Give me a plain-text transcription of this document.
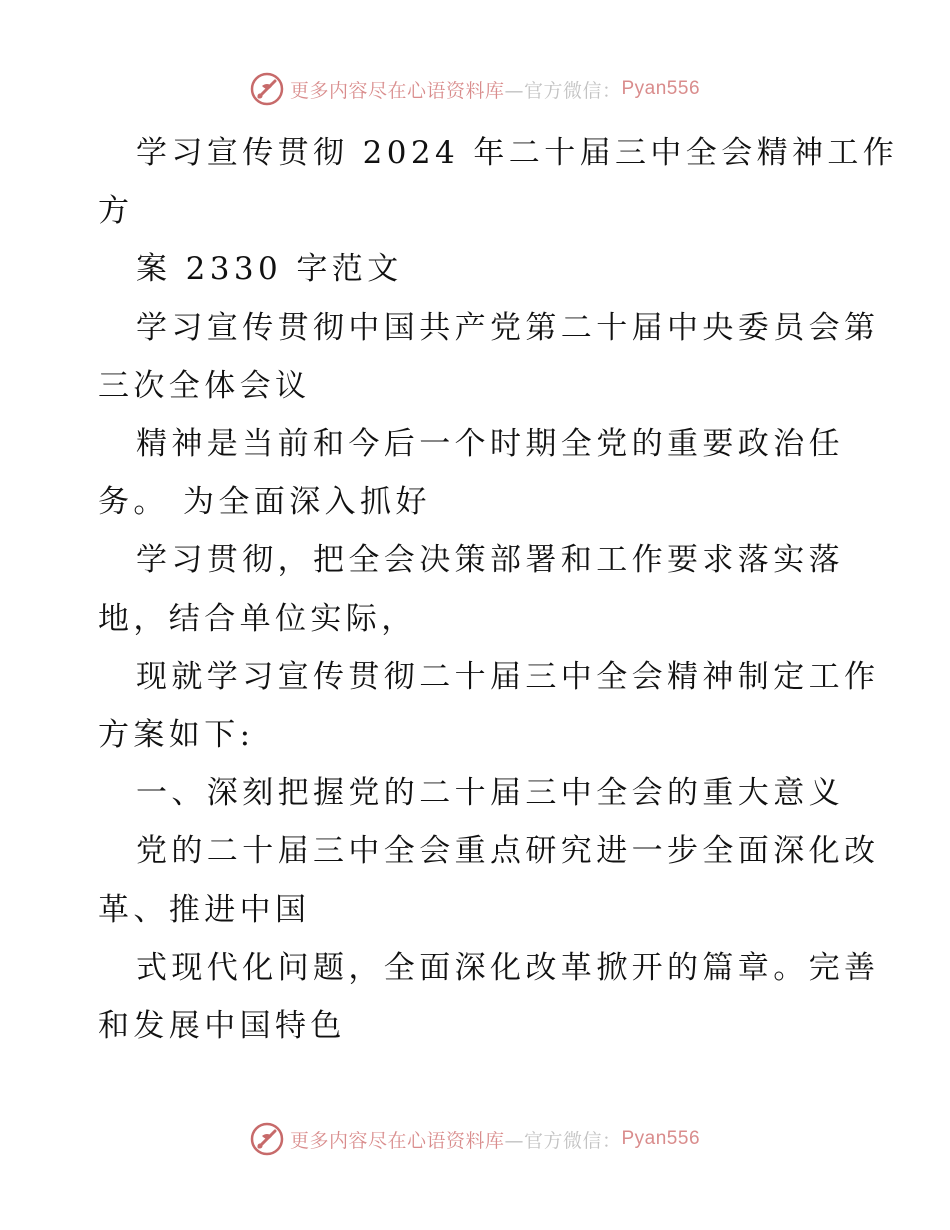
更多内容尽在心语资料库 —官方微信： Pyan556
学习宣传贯彻 2024 年二十届三中全会精神工作
方
案 2330 字范文
学习宣传贯彻中国共产党第二十届中央委员会第
三次全体会议
精神是当前和今后一个时期全党的重要政治任
务。 为全面深入抓好
学习贯彻，把全会决策部署和工作要求落实落
地，结合单位实际，
现就学习宣传贯彻二十届三中全会精神制定工作
方案如下:
一、深刻把握党的二十届三中全会的重大意义
党的二十届三中全会重点研究进一步全面深化改
革、推进中国
式现代化问题，全面深化改革掀开的篇章。完善
和发展中国特色
更多内容尽在心语资料库 —官方微信： Pyan556
